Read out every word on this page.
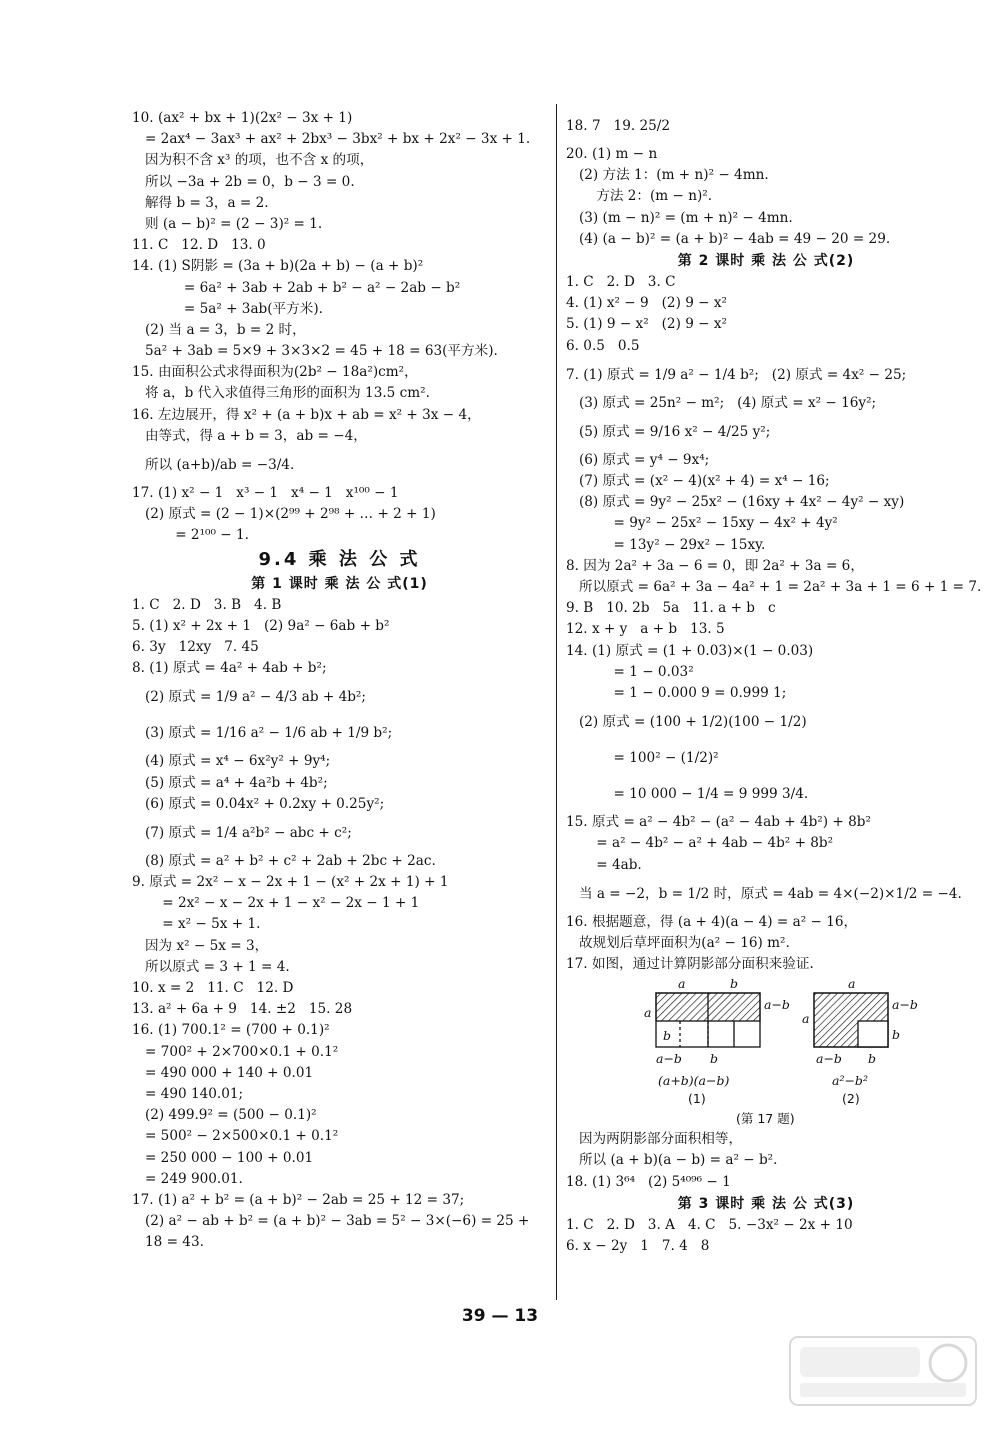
10. (ax² + bx + 1)(2x² − 3x + 1)
= 2ax⁴ − 3ax³ + ax² + 2bx³ − 3bx² + bx + 2x² − 3x + 1.
因为积不含 x³ 的项，也不含 x 的项，
所以 −3a + 2b = 0，b − 3 = 0.
解得 b = 3，a = 2.
则 (a − b)² = (2 − 3)² = 1.
11. C   12. D   13. 0
14. (1) S阴影 = (3a + b)(2a + b) − (a + b)²
= 6a² + 3ab + 2ab + b² − a² − 2ab − b²
= 5a² + 3ab(平方米).
(2) 当 a = 3，b = 2 时，
5a² + 3ab = 5×9 + 3×3×2 = 45 + 18 = 63(平方米).
15. 由面积公式求得面积为(2b² − 18a²)cm²，
将 a，b 代入求值得三角形的面积为 13.5 cm².
16. 左边展开，得 x² + (a + b)x + ab = x² + 3x − 4，
由等式，得 a + b = 3，ab = −4，
所以 (a+b)/ab = −3/4.
17. (1) x² − 1   x³ − 1   x⁴ − 1   x¹⁰⁰ − 1
(2) 原式 = (2 − 1)×(2⁹⁹ + 2⁹⁸ + … + 2 + 1)
= 2¹⁰⁰ − 1.
9.4 乘 法 公 式
第 1 课时 乘 法 公 式(1)
1. C   2. D   3. B   4. B
5. (1) x² + 2x + 1   (2) 9a² − 6ab + b²
6. 3y   12xy   7. 45
8. (1) 原式 = 4a² + 4ab + b²;
(2) 原式 = 1/9 a² − 4/3 ab + 4b²;
(3) 原式 = 1/16 a² − 1/6 ab + 1/9 b²;
(4) 原式 = x⁴ − 6x²y² + 9y⁴;
(5) 原式 = a⁴ + 4a²b + 4b²;
(6) 原式 = 0.04x² + 0.2xy + 0.25y²;
(7) 原式 = 1/4 a²b² − abc + c²;
(8) 原式 = a² + b² + c² + 2ab + 2bc + 2ac.
9. 原式 = 2x² − x − 2x + 1 − (x² + 2x + 1) + 1
= 2x² − x − 2x + 1 − x² − 2x − 1 + 1
= x² − 5x + 1.
因为 x² − 5x = 3，
所以原式 = 3 + 1 = 4.
10. x = 2   11. C   12. D
13. a² + 6a + 9   14. ±2   15. 28
16. (1) 700.1² = (700 + 0.1)²
= 700² + 2×700×0.1 + 0.1²
= 490 000 + 140 + 0.01
= 490 140.01;
(2) 499.9² = (500 − 0.1)²
= 500² − 2×500×0.1 + 0.1²
= 250 000 − 100 + 0.01
= 249 900.01.
17. (1) a² + b² = (a + b)² − 2ab = 25 + 12 = 37;
(2) a² − ab + b² = (a + b)² − 3ab = 5² − 3×(−6) = 25 +
18 = 43.
18. 7   19. 25/2
20. (1) m − n
(2) 方法 1：(m + n)² − 4mn.
方法 2：(m − n)².
(3) (m − n)² = (m + n)² − 4mn.
(4) (a − b)² = (a + b)² − 4ab = 49 − 20 = 29.
第 2 课时 乘 法 公 式(2)
1. C   2. D   3. C
4. (1) x² − 9   (2) 9 − x²
5. (1) 9 − x²   (2) 9 − x²
6. 0.5   0.5
7. (1) 原式 = 1/9 a² − 1/4 b²;   (2) 原式 = 4x² − 25;
(3) 原式 = 25n² − m²;   (4) 原式 = x² − 16y²;
(5) 原式 = 9/16 x² − 4/25 y²;
(6) 原式 = y⁴ − 9x⁴;
(7) 原式 = (x² − 4)(x² + 4) = x⁴ − 16;
(8) 原式 = 9y² − 25x² − (16xy + 4x² − 4y² − xy)
= 9y² − 25x² − 15xy − 4x² + 4y²
= 13y² − 29x² − 15xy.
8. 因为 2a² + 3a − 6 = 0，即 2a² + 3a = 6，
所以原式 = 6a² + 3a − 4a² + 1 = 2a² + 3a + 1 = 6 + 1 = 7.
9. B   10. 2b   5a   11. a + b   c
12. x + y   a + b   13. 5
14. (1) 原式 = (1 + 0.03)×(1 − 0.03)
= 1 − 0.03²
= 1 − 0.000 9 = 0.999 1;
(2) 原式 = (100 + 1/2)(100 − 1/2)
= 100² − (1/2)²
= 10 000 − 1/4 = 9 999 3/4.
15. 原式 = a² − 4b² − (a² − 4ab + 4b²) + 8b²
= a² − 4b² − a² + 4ab − 4b² + 8b²
= 4ab.
当 a = −2，b = 1/2 时，原式 = 4ab = 4×(−2)×1/2 = −4.
16. 根据题意，得 (a + 4)(a − 4) = a² − 16，
故规划后草坪面积为(a² − 16) m².
17. 如图，通过计算阴影部分面积来验证.
a	b
a
a−b
b
a−b b
(a+b)(a−b)
(1)
a
a
a−b
b
a−b b
a²−b²
(2)
(第 17 题)
因为两阴影部分面积相等，
所以 (a + b)(a − b) = a² − b².
18. (1) 3⁶⁴   (2) 5⁴⁰⁹⁶ − 1
第 3 课时 乘 法 公 式(3)
1. C   2. D   3. A   4. C   5. −3x² − 2x + 10
6. x − 2y   1   7. 4   8
39 — 13
